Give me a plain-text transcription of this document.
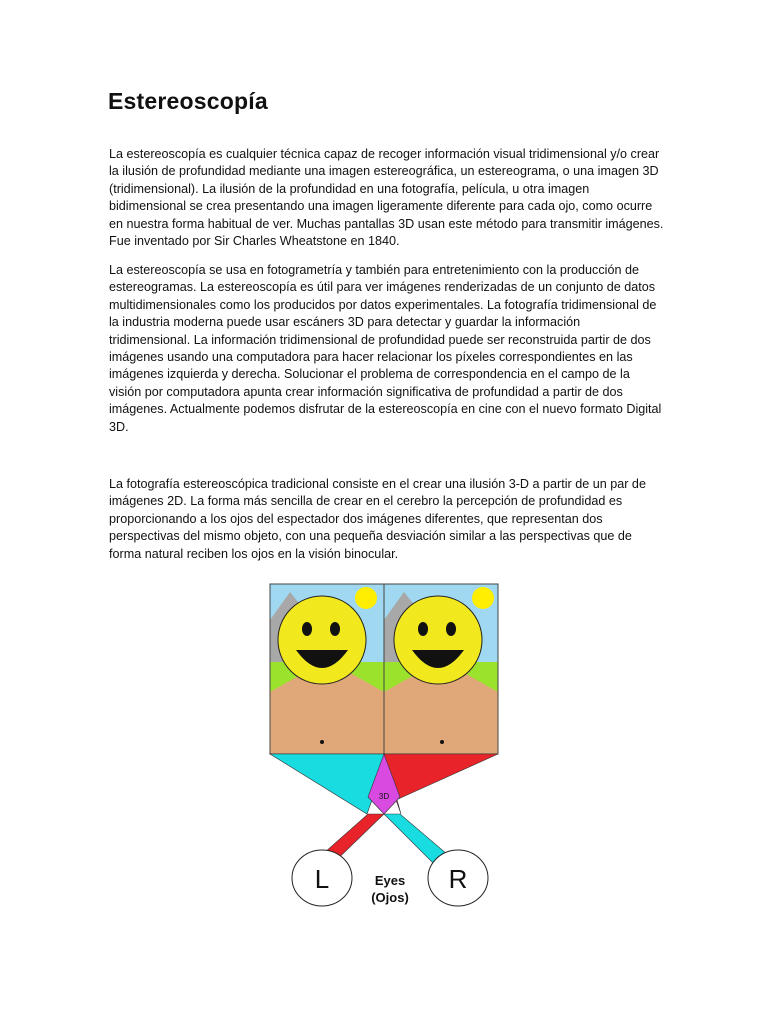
Estereoscopía

La estereoscopía es cualquier técnica capaz de recoger información visual tridimensional y/o crear la ilusión de profundidad mediante una imagen estereográfica, un estereograma, o una imagen 3D (tridimensional). La ilusión de la profundidad en una fotografía, película, u otra imagen bidimensional se crea presentando una imagen ligeramente diferente para cada ojo, como ocurre en nuestra forma habitual de ver. Muchas pantallas 3D usan este método para transmitir imágenes. Fue inventado por Sir Charles Wheatstone en 1840.

La estereoscopía se usa en fotogrametría y también para entretenimiento con la producción de estereogramas. La estereoscopía es útil para ver imágenes renderizadas de un conjunto de datos multidimensionales como los producidos por datos experimentales. La fotografía tridimensional de la industria moderna puede usar escáners 3D para detectar y guardar la información tridimensional. La información tridimensional de profundidad puede ser reconstruida partir de dos imágenes usando una computadora para hacer relacionar los píxeles correspondientes en las imágenes izquierda y derecha. Solucionar el problema de correspondencia en el campo de la visión por computadora apunta crear información significativa de profundidad a partir de dos imágenes. Actualmente podemos disfrutar de la estereoscopía en cine con el nuevo formato Digital 3D.

La fotografía estereoscópica tradicional consiste en el crear una ilusión 3-D a partir de un par de imágenes 2D. La forma más sencilla de crear en el cerebro la percepción de profundidad es proporcionando a los ojos del espectador dos imágenes diferentes, que representan dos perspectivas del mismo objeto, con una pequeña desviación similar a las perspectivas que de forma natural reciben los ojos en la visión binocular.

3D
L	R
Eyes
(Ojos)
